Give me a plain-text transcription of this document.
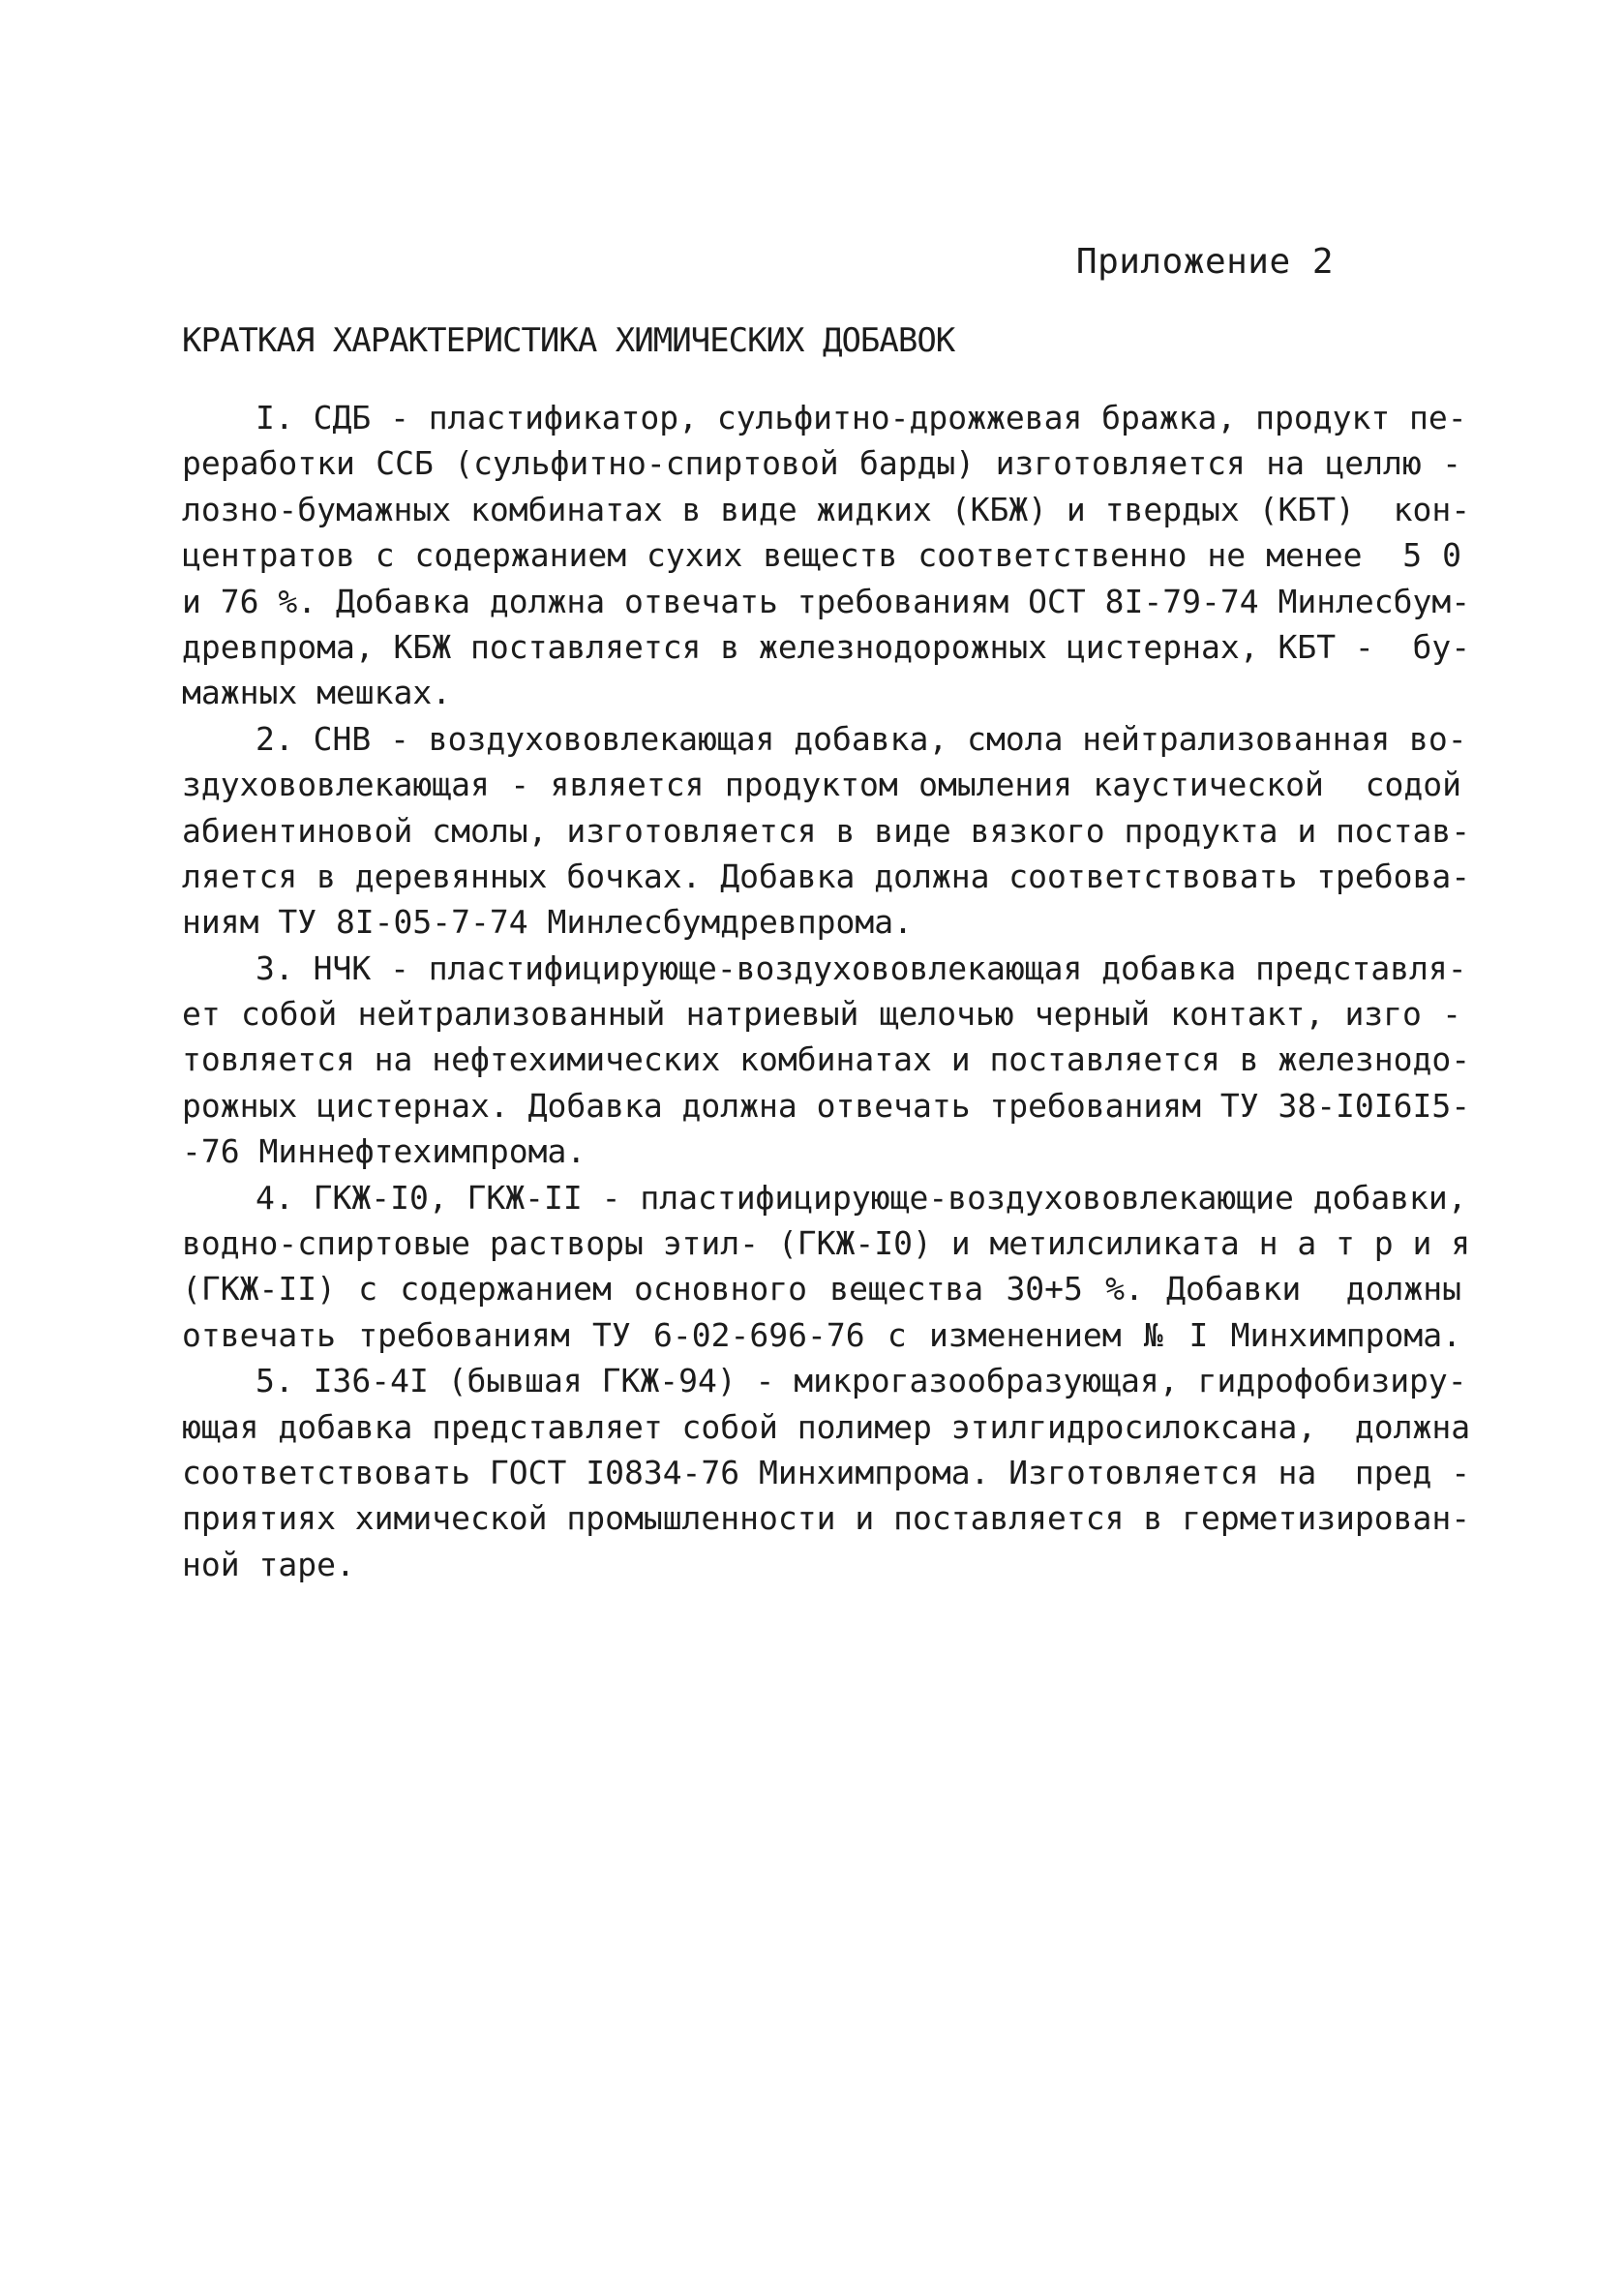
Приложение 2
КРАТКАЯ ХАРАКТЕРИСТИКА ХИМИЧЕСКИХ ДОБАВОК
I. СДБ - пластификатор, сульфитно-дрожжевая бражка, продукт пе-
реработки ССБ (сульфитно-спиртовой барды) изготовляется на целлю -
лозно-бумажных комбинатах в виде жидких (КБЖ) и твердых (КБТ)  кон-
центратов с содержанием сухих веществ соответственно не менее  5 0
и 76 %. Добавка должна отвечать требованиям ОСТ 8I-79-74 Минлесбум-
древпрома, КБЖ поставляется в железнодорожных цистернах, КБТ -  бу-
мажных мешках.
2. СНВ - воздухововлекающая добавка, смола нейтрализованная во-
здухововлекающая - является продуктом омыления каустической  содой
абиентиновой смолы, изготовляется в виде вязкого продукта и постав-
ляется в деревянных бочках. Добавка должна соответствовать требова-
ниям ТУ 8I-05-7-74 Минлесбумдревпрома.
3. НЧК - пластифицирующе-воздухововлекающая добавка представля-
ет собой нейтрализованный натриевый щелочью черный контакт, изго -
товляется на нефтехимических комбинатах и поставляется в железнодо-
рожных цистернах. Добавка должна отвечать требованиям ТУ 38-I0I6I5-
-76 Миннефтехимпрома.
4. ГКЖ-I0, ГКЖ-II - пластифицирующе-воздухововлекающие добавки,
водно-спиртовые растворы этил- (ГКЖ-I0) и метилсиликата н а т р и я
(ГКЖ-II) с содержанием основного вещества 30+5 %. Добавки  должны
отвечать требованиям ТУ 6-02-696-76 с изменением № I Минхимпрома.
5. I36-4I (бывшая ГКЖ-94) - микрогазообразующая, гидрофобизиру-
ющая добавка представляет собой полимер этилгидросилоксана,  должна
соответствовать ГОСТ I0834-76 Минхимпрома. Изготовляется на  пред -
приятиях химической промышленности и поставляется в герметизирован-
ной таре.
